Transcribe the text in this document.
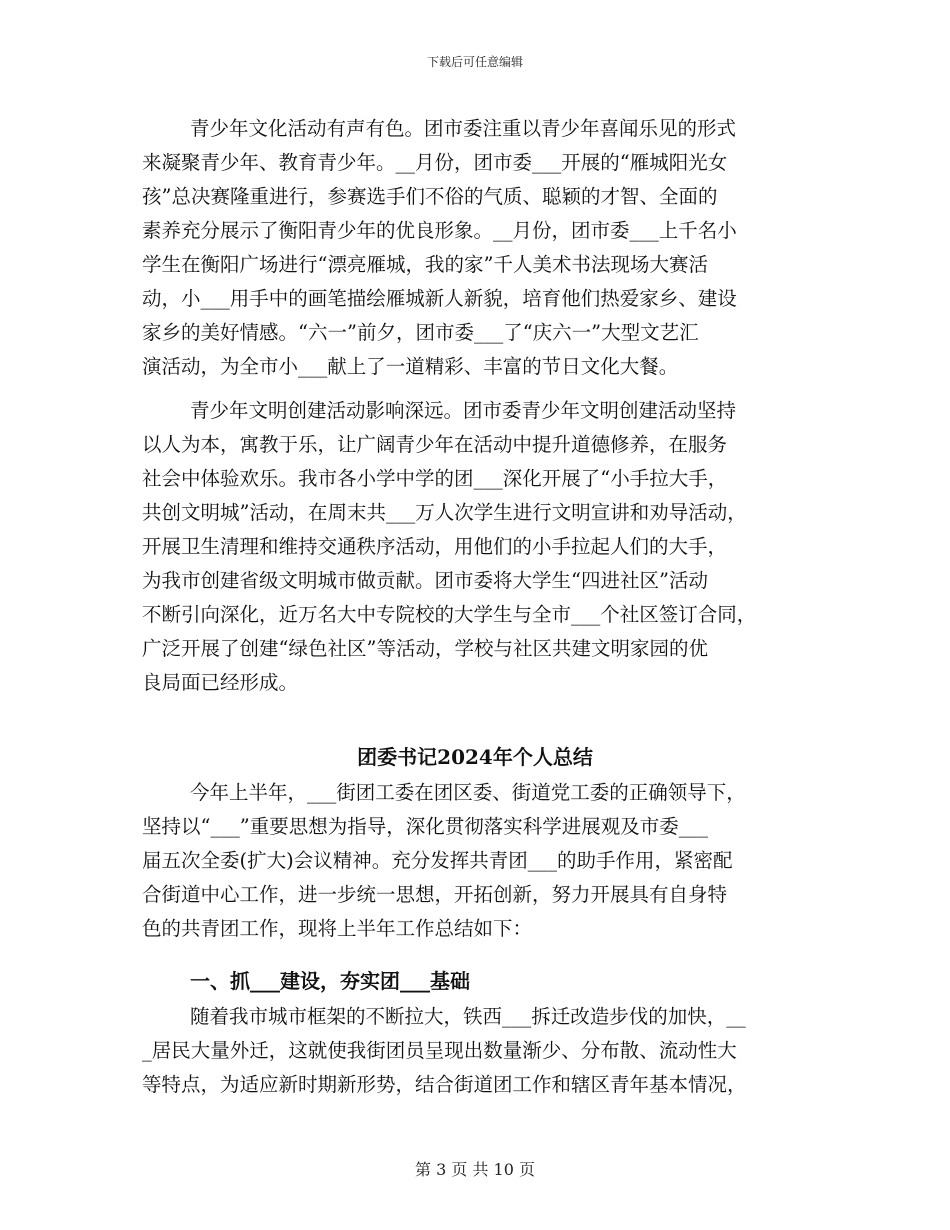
下载后可任意编辑
青少年文化活动有声有色。团市委注重以青少年喜闻乐见的形式
来凝聚青少年、教育青少年。__月份，团市委___开展的“雁城阳光女
孩”总决赛隆重进行，参赛选手们不俗的气质、聪颖的才智、全面的
素养充分展示了衡阳青少年的优良形象。__月份，团市委___上千名小
学生在衡阳广场进行“漂亮雁城，我的家”千人美术书法现场大赛活
动，小___用手中的画笔描绘雁城新人新貌，培育他们热爱家乡、建设
家乡的美好情感。“六一”前夕，团市委___了“庆六一”大型文艺汇
演活动，为全市小___献上了一道精彩、丰富的节日文化大餐。
青少年文明创建活动影响深远。团市委青少年文明创建活动坚持
以人为本，寓教于乐，让广阔青少年在活动中提升道德修养，在服务
社会中体验欢乐。我市各小学中学的团___深化开展了“小手拉大手，
共创文明城”活动，在周末共___万人次学生进行文明宣讲和劝导活动，
开展卫生清理和维持交通秩序活动，用他们的小手拉起人们的大手，
为我市创建省级文明城市做贡献。团市委将大学生“四进社区”活动
不断引向深化，近万名大中专院校的大学生与全市___个社区签订合同，
广泛开展了创建“绿色社区”等活动，学校与社区共建文明家园的优
良局面已经形成。
团委书记2024年个人总结
今年上半年，___街团工委在团区委、街道党工委的正确领导下，
坚持以“___”重要思想为指导，深化贯彻落实科学进展观及市委___
届五次全委(扩大)会议精神。充分发挥共青团___的助手作用，紧密配
合街道中心工作，进一步统一思想，开拓创新，努力开展具有自身特
色的共青团工作，现将上半年工作总结如下：
一、抓___建设，夯实团___基础
随着我市城市框架的不断拉大，铁西___拆迁改造步伐的加快，__
_居民大量外迁，这就使我街团员呈现出数量渐少、分布散、流动性大
等特点，为适应新时期新形势，结合街道团工作和辖区青年基本情况，
第 3 页 共 10 页
